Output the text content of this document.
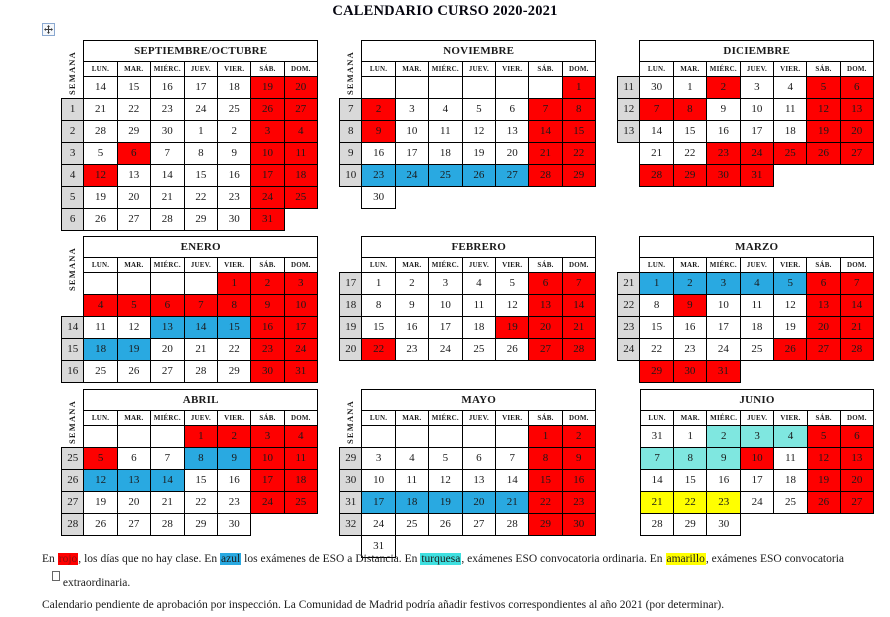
CALENDARIO CURSO 2020-2021
SEMANA	SEPTIEMBRE/OCTUBRE						
	LUN.	MAR.	MIÉRC.	JUEV.	VIER.	SÁB.	DOM.
	14	15	16	17	18	19	20
1	21	22	23	24	25	26	27
2	28	29	30	1	2	3	4
3	5	6	7	8	9	10	11
4	12	13	14	15	16	17	18
5	19	20	21	22	23	24	25
6	26	27	28	29	30	31	
SEMANA	NOVIEMBRE						
	LUN.	MAR.	MIÉRC.	JUEV.	VIER.	SÁB.	DOM.
							1
7	2	3	4	5	6	7	8
8	9	10	11	12	13	14	15
9	16	17	18	19	20	21	22
10	23	24	25	26	27	28	29
	30						
	DICIEMBRE						
	LUN.	MAR.	MIÉRC.	JUEV.	VIER.	SÁB.	DOM.
11	30	1	2	3	4	5	6
12	7	8	9	10	11	12	13
13	14	15	16	17	18	19	20
	21	22	23	24	25	26	27
	28	29	30	31			
SEMANA	ENERO						
	LUN.	MAR.	MIÉRC.	JUEV.	VIER.	SÁB.	DOM.
					1	2	3
	4	5	6	7	8	9	10
14	11	12	13	14	15	16	17
15	18	19	20	21	22	23	24
16	25	26	27	28	29	30	31
	FEBRERO						
	LUN.	MAR.	MIÉRC.	JUEV.	VIER.	SÁB.	DOM.
17	1	2	3	4	5	6	7
18	8	9	10	11	12	13	14
19	15	16	17	18	19	20	21
20	22	23	24	25	26	27	28
	MARZO						
	LUN.	MAR.	MIÉRC.	JUEV.	VIER.	SÁB.	DOM.
21	1	2	3	4	5	6	7
22	8	9	10	11	12	13	14
23	15	16	17	18	19	20	21
24	22	23	24	25	26	27	28
	29	30	31				
SEMANA	ABRIL						
	LUN.	MAR.	MIÉRC.	JUEV.	VIER.	SÁB.	DOM.
				1	2	3	4
25	5	6	7	8	9	10	11
26	12	13	14	15	16	17	18
27	19	20	21	22	23	24	25
28	26	27	28	29	30		
SEMANA	MAYO						
	LUN.	MAR.	MIÉRC.	JUEV.	VIER.	SÁB.	DOM.
						1	2
29	3	4	5	6	7	8	9
30	10	11	12	13	14	15	16
31	17	18	19	20	21	22	23
32	24	25	26	27	28	29	30
	31						
JUNIO						
LUN.	MAR.	MIÉRC.	JUEV.	VIER.	SÁB.	DOM.
31	1	2	3	4	5	6
7	8	9	10	11	12	13
14	15	16	17	18	19	20
21	22	23	24	25	26	27
28	29	30				

En rojo, los días que no hay clase. En azul los exámenes de ESO a Distancia. En turquesa, exámenes ESO convocatoria ordinaria. En amarillo, exámenes ESO convocatoria extraordinaria.

Calendario pendiente de aprobación por inspección. La Comunidad de Madrid podría añadir festivos correspondientes al año 2021 (por determinar).
